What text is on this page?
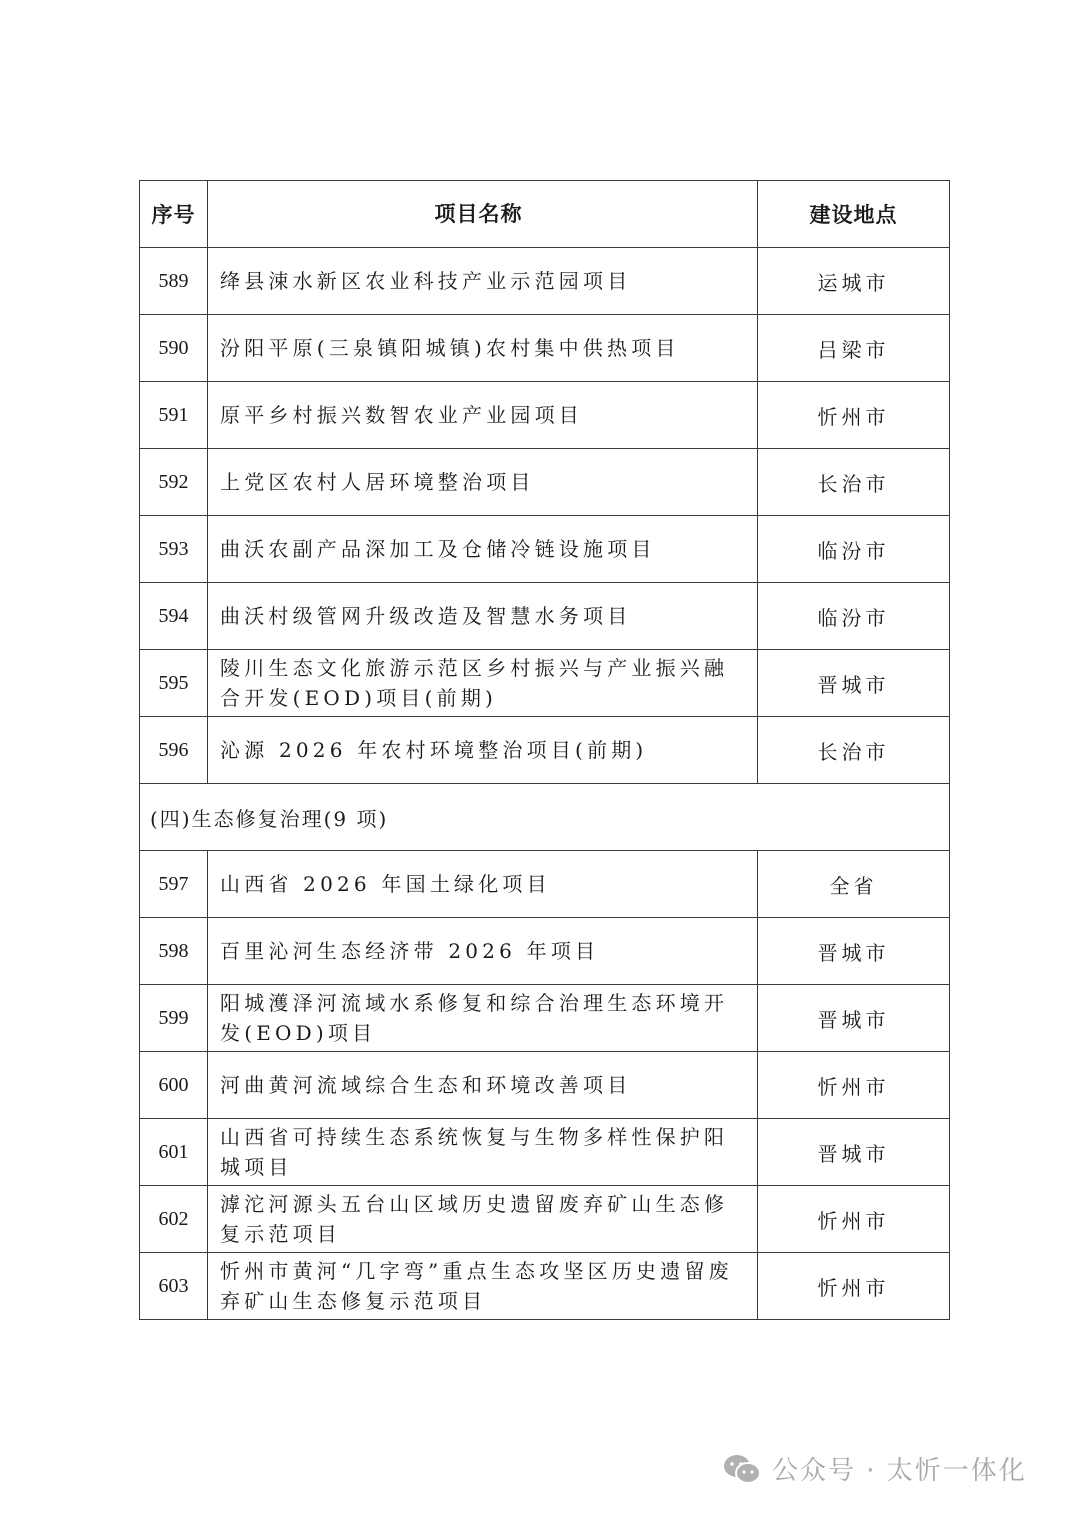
序号	项目名称	建设地点
589	绛县涑水新区农业科技产业示范园项目	运城市
590	汾阳平原(三泉镇阳城镇)农村集中供热项目	吕梁市
591	原平乡村振兴数智农业产业园项目	忻州市
592	上党区农村人居环境整治项目	长治市
593	曲沃农副产品深加工及仓储冷链设施项目	临汾市
594	曲沃村级管网升级改造及智慧水务项目	临汾市
595	陵川生态文化旅游示范区乡村振兴与产业振兴融合开发(EOD)项目(前期)	晋城市
596	沁源 2026 年农村环境整治项目(前期)	长治市
(四)生态修复治理(9 项)		
597	山西省 2026 年国土绿化项目	全省
598	百里沁河生态经济带 2026 年项目	晋城市
599	阳城濩泽河流域水系修复和综合治理生态环境开发(EOD)项目	晋城市
600	河曲黄河流域综合生态和环境改善项目	忻州市
601	山西省可持续生态系统恢复与生物多样性保护阳城项目	晋城市
602	滹沱河源头五台山区域历史遗留废弃矿山生态修复示范项目	忻州市
603	忻州市黄河“几字弯”重点生态攻坚区历史遗留废弃矿山生态修复示范项目	忻州市
公众号 · 太忻一体化
